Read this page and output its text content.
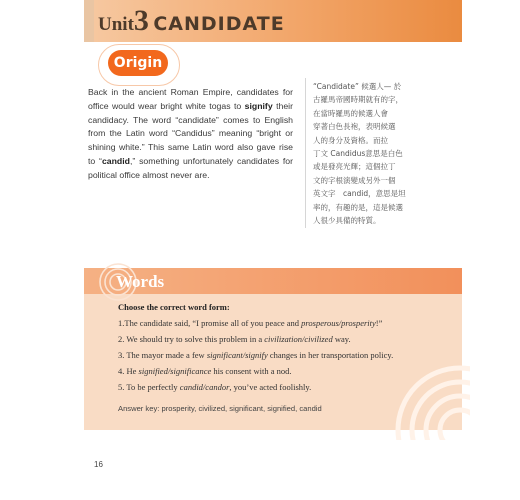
Unit3 CANDIDATE
Origin
Back in the ancient Roman Empire, candidates for office would wear bright white togas to signify their candidacy. The word “candidate” comes to English from the Latin word “Candidus” meaning “bright or shining white.” This same Latin word also gave rise to “candid,” something unfortunately candidates for political office almost never are.
“Candidate” 候選人— 於
古羅馬帝國時期就有的字，
在當時羅馬的候選人會
穿著白色長袍，表明候選
人的身分及資格。而拉
丁文 Candidus意思是白色
或是發亮光輝；這個拉丁
文的字根演變成另外一個
英文字　candid，意思是坦
率的，有趣的是，這是候選
人很少具備的特質。
Words
Choose the correct word form:
1.The candidate said, “I promise all of you peace and prosperous/prosperity!”
2. We should try to solve this problem in a civilization/civilized way.
3. The mayor made a few significant/signify changes in her transportation policy.
4. He signified/significance his consent with a nod.
5. To be perfectly candid/candor, you’ve acted foolishly.
Answer key: prosperity, civilized, significant, signified, candid
16
